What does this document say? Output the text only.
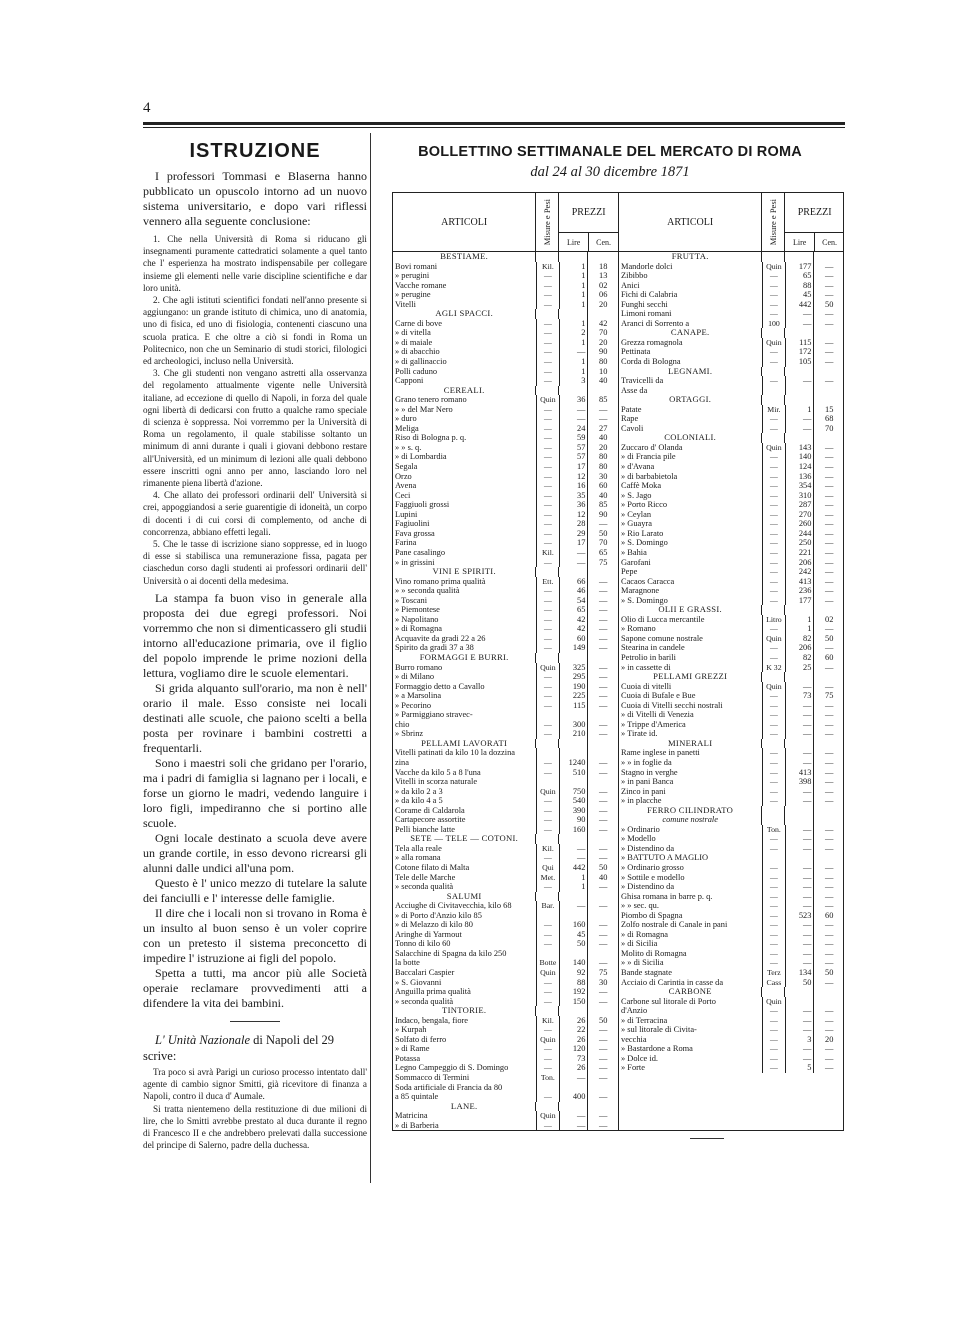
4
ISTRUZIONE

I professori Tommasi e Blaserna hanno pubblicato un opuscolo intorno ad un nuovo sistema universitario, e dopo vari riflessi vennero alla seguente conclusione:

1. Che nella Università di Roma si riducano gli insegnamenti puramente cattedratici solamente a quel tanto che l' esperienza ha mostrato indispensabile per collegare insieme gli elementi nelle varie discipline scientifiche e dar loro unità.

2. Che agli istituti scientifici fondati nell'anno presente si aggiungano: un grande istituto di chimica, uno di anatomia, uno di fisica, ed uno di fisiologia, contenenti ciascuno una scuola pratica. E che oltre a ciò si fondi in Roma un Politecnico, non che un Seminario di studi storici, filologici ed archeologici, incluso nella Università.

3. Che gli studenti non vengano astretti alla osservanza del regolamento attualmente vigente nelle Università italiane, ad eccezione di quello di Napoli, in forza del quale ogni libertà di dedicarsi con frutto a qualche ramo speciale di scienza è soppressa. Noi vorremmo per la Università di Roma un regolamento, il quale stabilisse soltanto un minimum di anni durante i quali i giovani debbono restare all'Università, ed un minimum di lezioni alle quali debbono essere inscritti ogni anno per anno, lasciando loro nel rimanente piena libertà d'azione.

4. Che allato dei professori ordinarii dell' Università si crei, appoggiandosi a serie guarentigie di idoneità, un corpo di docenti i di cui corsi di complemento, od anche di concorrenza, abbiano effetti legali.

5. Che le tasse di iscrizione siano soppresse, ed in luogo di esse si stabilisca una remunerazione fissa, pagata per ciaschedun corso dagli studenti ai professori ordinarii dell' Università o ai docenti della medesima.

La stampa fa buon viso in generale alla proposta dei due egregi professori. Noi vorremmo che non si dimenticassero gli studii intorno all'educazione primaria, ove il figlio del popolo imprende le prime nozioni della lettura, vogliamo dire le scuole elementari.

Si grida alquanto sull'orario, ma non è nell' orario il male. Esso consiste nei locali destinati alle scuole, che paiono scelti a bella posta per rovinare i bambini costretti a frequentarli.

Sono i maestri soli che gridano per l'orario, ma i padri di famiglia si lagnano per i locali, e forse un giorno le madri, vedendo languire i loro figli, impediranno che si portino alle scuole.

Ogni locale destinato a scuola deve avere un grande cortile, in esso devono ricrearsi gli alunni dalle undici all'una pom.

Questo è l' unico mezzo di tutelare la salute dei fanciulli e l' interesse delle famiglie.

Il dire che i locali non si trovano in Roma è un insulto al buon senso è un voler coprire con un pretesto il sistema preconcetto di impedire l' istruzione ai figli del popolo.

Spetta a tutti, ma ancor più alle Società operaie reclamare provvedimenti atti a difendere la vita dei bambini.

L' Unità Nazionale di Napoli del 29 scrive:

Tra poco si avrà Parigi un curioso processo intentato dall' agente di cambio signor Smitti, già ricevitore di finanza a Napoli, contro il duca d' Aumale.

Si tratta nientemeno della restituzione di due milioni di lire, che lo Smitti avrebbe prestato al duca durante il regno di Francesco II e che andrebbero prelevati dalla successione del principe di Salerno, padre della duchessa.

BOLLETTINO SETTIMANALE DEL MERCATO DI ROMA
dal 24 al 30 dicembre 1871
ARTICOLI	Misure e Pesi	PREZZI
Lire	Cen.
ARTICOLI	Misure e Pesi	PREZZI
Lire	Cen.
BESTIAME.
Bovi romani	Kil.	1	18
» perugini	—	1	13
Vacche romane	—	1	02
» perugine	—	1	06
Vitelli	—	1	20
AGLI SPACCI.
Carne di bove	—	1	42
» di vitella	—	2	70
» di maiale	—	1	20
» di abacchio	—	—	90
» di gallinaccio	—	1	80
Polli caduno	—	1	10
Capponi	—	3	40
CEREALI.
Grano tenero romano	Quin	36	85
» » del Mar Nero	—	—	—
» duro	—	—	—
Meliga	—	24	27
Riso di Bologna p. q.	—	59	40
» » s. q.	—	57	20
» di Lombardia	—	57	80
Segala	—	17	80
Orzo	—	12	30
Avena	—	16	60
Ceci	—	35	40
Faggiuoli grossi	—	36	85
Lupini	—	12	90
Fagiuolini	—	28	—
Fava grossa	—	29	50
Farina	—	17	70
Pane casalingo	Kil.	—	65
» in grissini	—	—	75
VINI E SPIRITI.
Vino romano prima qualità	Ett.	66	—
» » seconda qualità	—	46	—
» Toscani	—	54	—
» Piemontese	—	65	—
» Napolitano	—	42	—
» di Romagna	—	42	—
Acquavite da gradi 22 a 26	—	60	—
Spirito da gradi 37 a 38	—	149	—
FORMAGGI E BURRI.
Burro romano	Quin	325	—
» di Milano	—	295	—
Formaggio detto a Cavallo	—	190	—
» a Marsolina	—	225	—
» Pecorino	—	115	—
» Parmiggiano stravec-
chio	—	300	—
» Sbrinz	—	210	—
PELLAMI LAVORATI
Vitelli patinati da kilo 10 la dozzina
zina	—	1240	—
Vacche da kilo 5 a 8 l'una	—	510	—
Vitelli in scorza naturale
» da kilo 2 a 3	Quin	750	—
» da kilo 4 a 5	—	540	—
Corame di Caldarola	—	390	—
Cartapecore assortite	—	90	—
Pelli bianche latte	—	160	—
SETE — TELE — COTONI.
Tela alla reale	Kil.	—	—
» alla romana	—	—	—
Cotone filato di Malta	Qui	442	50
Tele delle Marche	Met.	1	40
» seconda qualità	—	1	—
SALUMI
Acciughe di Civitavecchia, kilo 68	Bar.	—	—
» di Porto d'Anzio kilo 85
» di Melazzo di kilo 80	—	160	—
Aringhe di Yarmout	—	45	—
Tonno di kilo 60	—	50	—
Salacchine di Spagna da kilo 250
la botte	Botte	140	—
Baccalari Caspier	Quin	92	75
» S. Giovanni	—	88	30
Anguilla prima qualità	—	192	—
» seconda qualità	—	150	—
TINTORIE.
Indaco, bengala, fiore	Kil.	26	50
» Kurpah	—	22	—
Solfato di ferro	Quin	26	—
» di Rame	—	120	—
Potassa	—	73	—
Legno Campeggio di S. Domingo	—	26	—
Sommacco di Termini	Ton.	—	—
Soda artificiale di Francia da 80
a 85 quintale	—	400	—
LANE.
Matricina	Quin	—	—
» di Barberia	—	—	—
FRUTTA.
Mandorle dolci	Quin	177	—
Zibibbo	—	65	—
Anici	—	88	—
Fichi di Calabria	—	45	—
Funghi secchi	—	442	50
Limoni romani	—	—	—
Aranci di Sorrento a	100	—	—
CANAPE.
Grezza romagnola	Quin	115	—
Pettinata	—	172	—
Corda di Bologna	—	105	—
LEGNAMI.
Travicelli da	—	—	—
Asse da
ORTAGGI.
Patate	Mir.	1	15
Rape	—	—	68
Cavoli	—	—	70
COLONIALI.
Zuccaro d' Olanda	Quin	143	—
» di Francia pile	—	140	—
» d'Avana	—	124	—
» di barbabietola	—	136	—
Caffè Moka	—	354	—
» S. Jago	—	310	—
» Porto Ricco	—	287	—
» Ceylan	—	270	—
» Guayra	—	260	—
» Rio Larato	—	244	—
» S. Domingo	—	250	—
» Bahia	—	221	—
Garofani	—	206	—
Pepe	—	242	—
Cacaos Caracca	—	413	—
Maragnone	—	236	—
» S. Domingo	—	177	—
OLII E GRASSI.
Olio di Lucca mercantile	Litro	1	02
» Romano	—	1	—
Sapone comune nostrale	Quin	82	50
Stearina in candele	—	206	—
Petrolio in barili	—	82	60
» in cassette di	K 32	25	—
PELLAMI GREZZI
Cuoia di vitelli	Quin	—	—
Cuoia di Bufale e Bue	—	73	75
Cuoia di Vitelli secchi nostrali	—	—	—
» di Vitelli di Venezia	—	—	—
» Trippe d'America	—	—	—
» Tirate id.	—	—	—
MINERALI
Rame inglese in panetti	—	—	—
» » in foglie da	—	—	—
Stagno in verghe	—	413	—
» in pani Banca	—	398	—
Zinco in pani	—	—	—
» in placche	—	—	—
FERRO CILINDRATO
comune nostrale
» Ordinario	Ton.	—	—
» Modello	—	—	—
» Distendino da	—	—	—
» BATTUTO A MAGLIO
» Ordinario grosso	—	—	—
» Sottile e modello	—	—	—
» Distendino da	—	—	—
Ghisa romana in barre p. q.	—	—	—
» » sec. qu.	—	—	—
Piombo di Spagna	—	523	60
Zolfo nostrale di Canale in pani	—	—	—
» di Romagna	—	—	—
» di Sicilia	—	—	—
Molito di Romagna	—	—	—
» » di Sicilia	—	—	—
Bande stagnate	Terz	134	50
Acciaio di Carintia in casse da	Cass	50	—
CARBONE
Carbone sul litorale di Porto	Quin
d'Anzio	—	—	—
» di Terracina	—	—	—
» sul litorale di Civita-	—	—	—
vecchia	—	3	20
» Bastardone a Roma	—	—	—
» Dolce id.	—	—	—
» Forte	—	5	—
